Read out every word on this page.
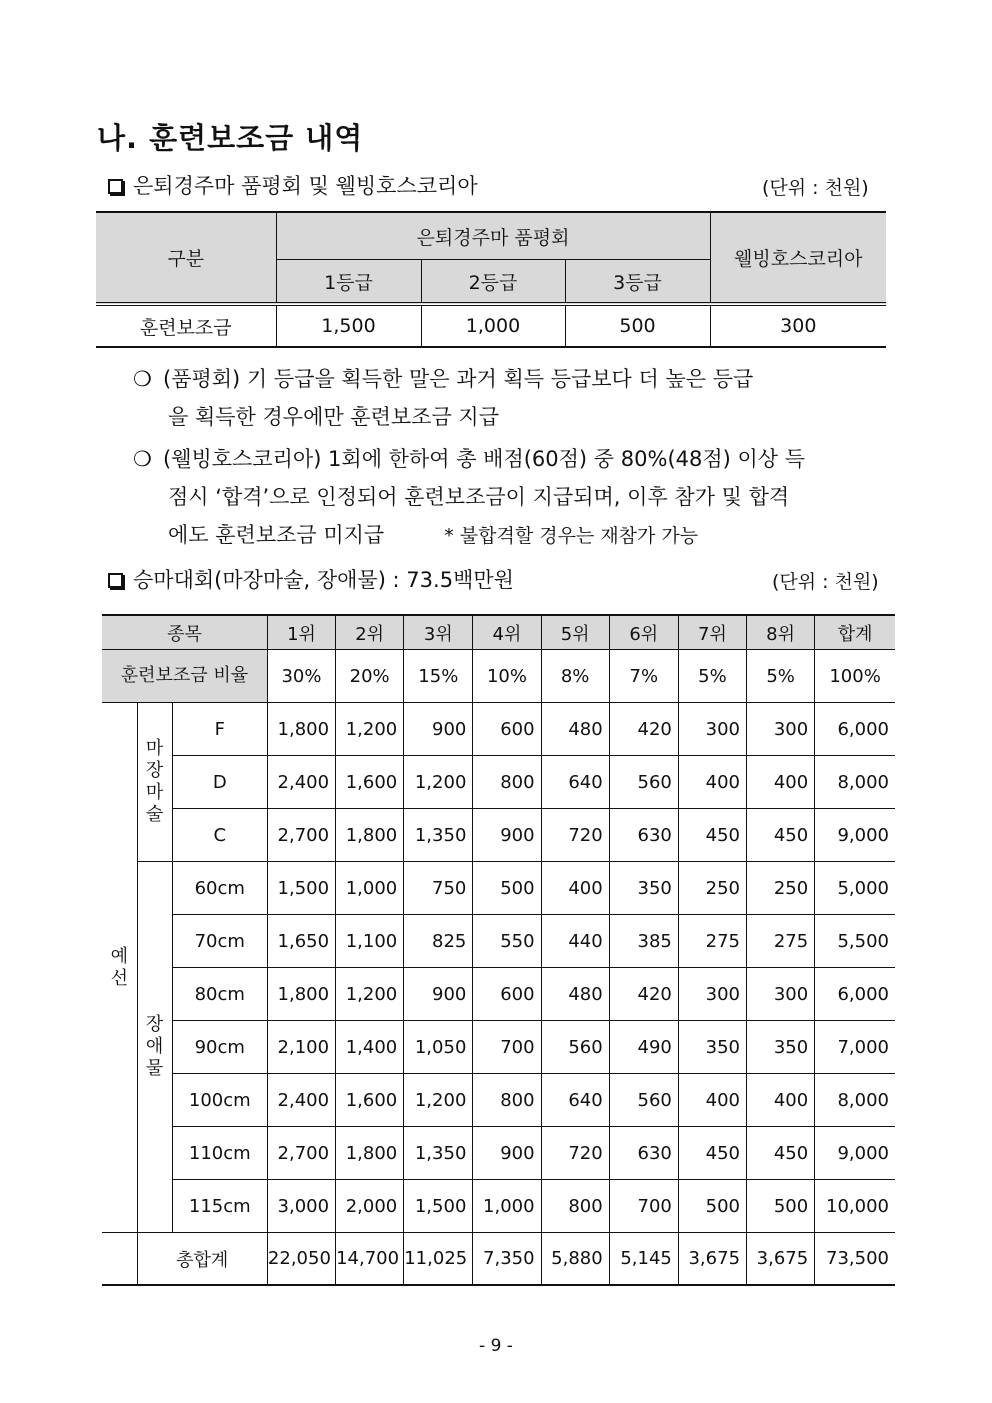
나. 훈련보조금 내역
은퇴경주마 품평회 및 웰빙호스코리아	(단위 : 천원)
구분	은퇴경주마 품평회			웰빙호스코리아
	1등급	2등급	3등급	
훈련보조금	1,500	1,000	500	300
❍ (품평회) 기 등급을 획득한 말은 과거 획득 등급보다 더 높은 등급
을 획득한 경우에만 훈련보조금 지급
❍ (웰빙호스코리아) 1회에 한하여 총 배점(60점) 중 80%(48점) 이상 득
점시 ‘합격’으로 인정되어 훈련보조금이 지급되며, 이후 참가 및 합격
에도 훈련보조금 미지급	* 불합격할 경우는 재참가 가능
승마대회(마장마술, 장애물) : 73.5백만원	(단위 : 천원)
종목			1위	2위	3위	4위	5위	6위	7위	8위	합계
훈련보조금 비율			30%	20%	15%	10%	8%	7%	5%	5%	100%
예선	마장마술	F	1,800	1,200	900	600	480	420	300	300	6,000
		D	2,400	1,600	1,200	800	640	560	400	400	8,000
		C	2,700	1,800	1,350	900	720	630	450	450	9,000
	장애물	60cm	1,500	1,000	750	500	400	350	250	250	5,000
		70cm	1,650	1,100	825	550	440	385	275	275	5,500
		80cm	1,800	1,200	900	600	480	420	300	300	6,000
		90cm	2,100	1,400	1,050	700	560	490	350	350	7,000
		100cm	2,400	1,600	1,200	800	640	560	400	400	8,000
		110cm	2,700	1,800	1,350	900	720	630	450	450	9,000
		115cm	3,000	2,000	1,500	1,000	800	700	500	500	10,000
	총합계		22,050	14,700	11,025	7,350	5,880	5,145	3,675	3,675	73,500
- 9 -
